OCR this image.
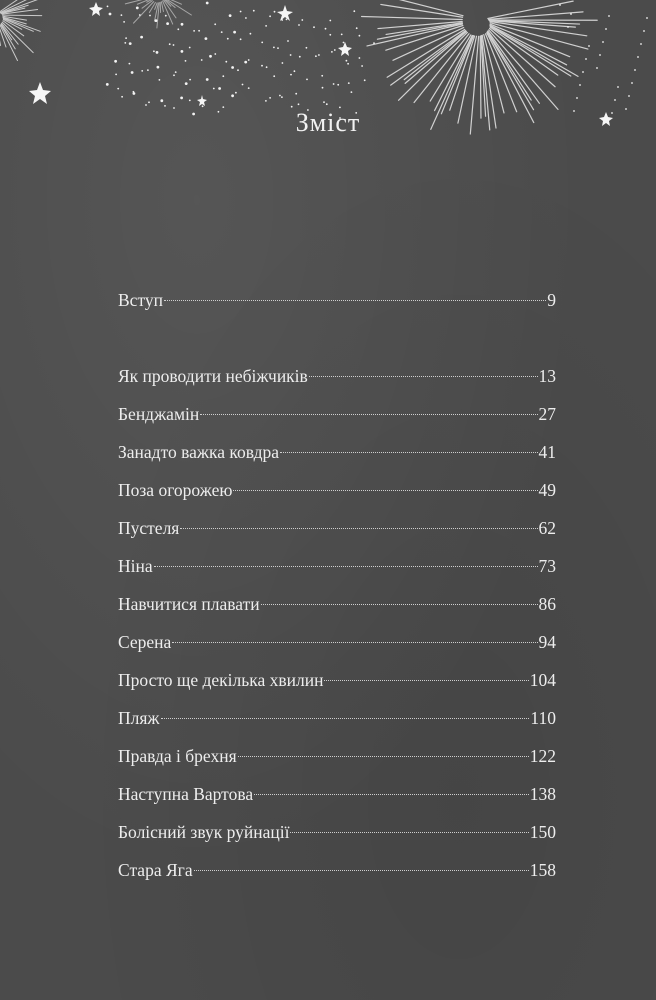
Зміст
Вступ	9
Як проводити небіжчиків	13
Бенджамін	27
Занадто важка ковдра	41
Поза огорожею	49
Пустеля	62
Ніна	73
Навчитися плавати	86
Серена	94
Просто ще декілька хвилин	104
Пляж	110
Правда і брехня	122
Наступна Вартова	138
Болісний звук руйнації	150
Стара Яга	158
